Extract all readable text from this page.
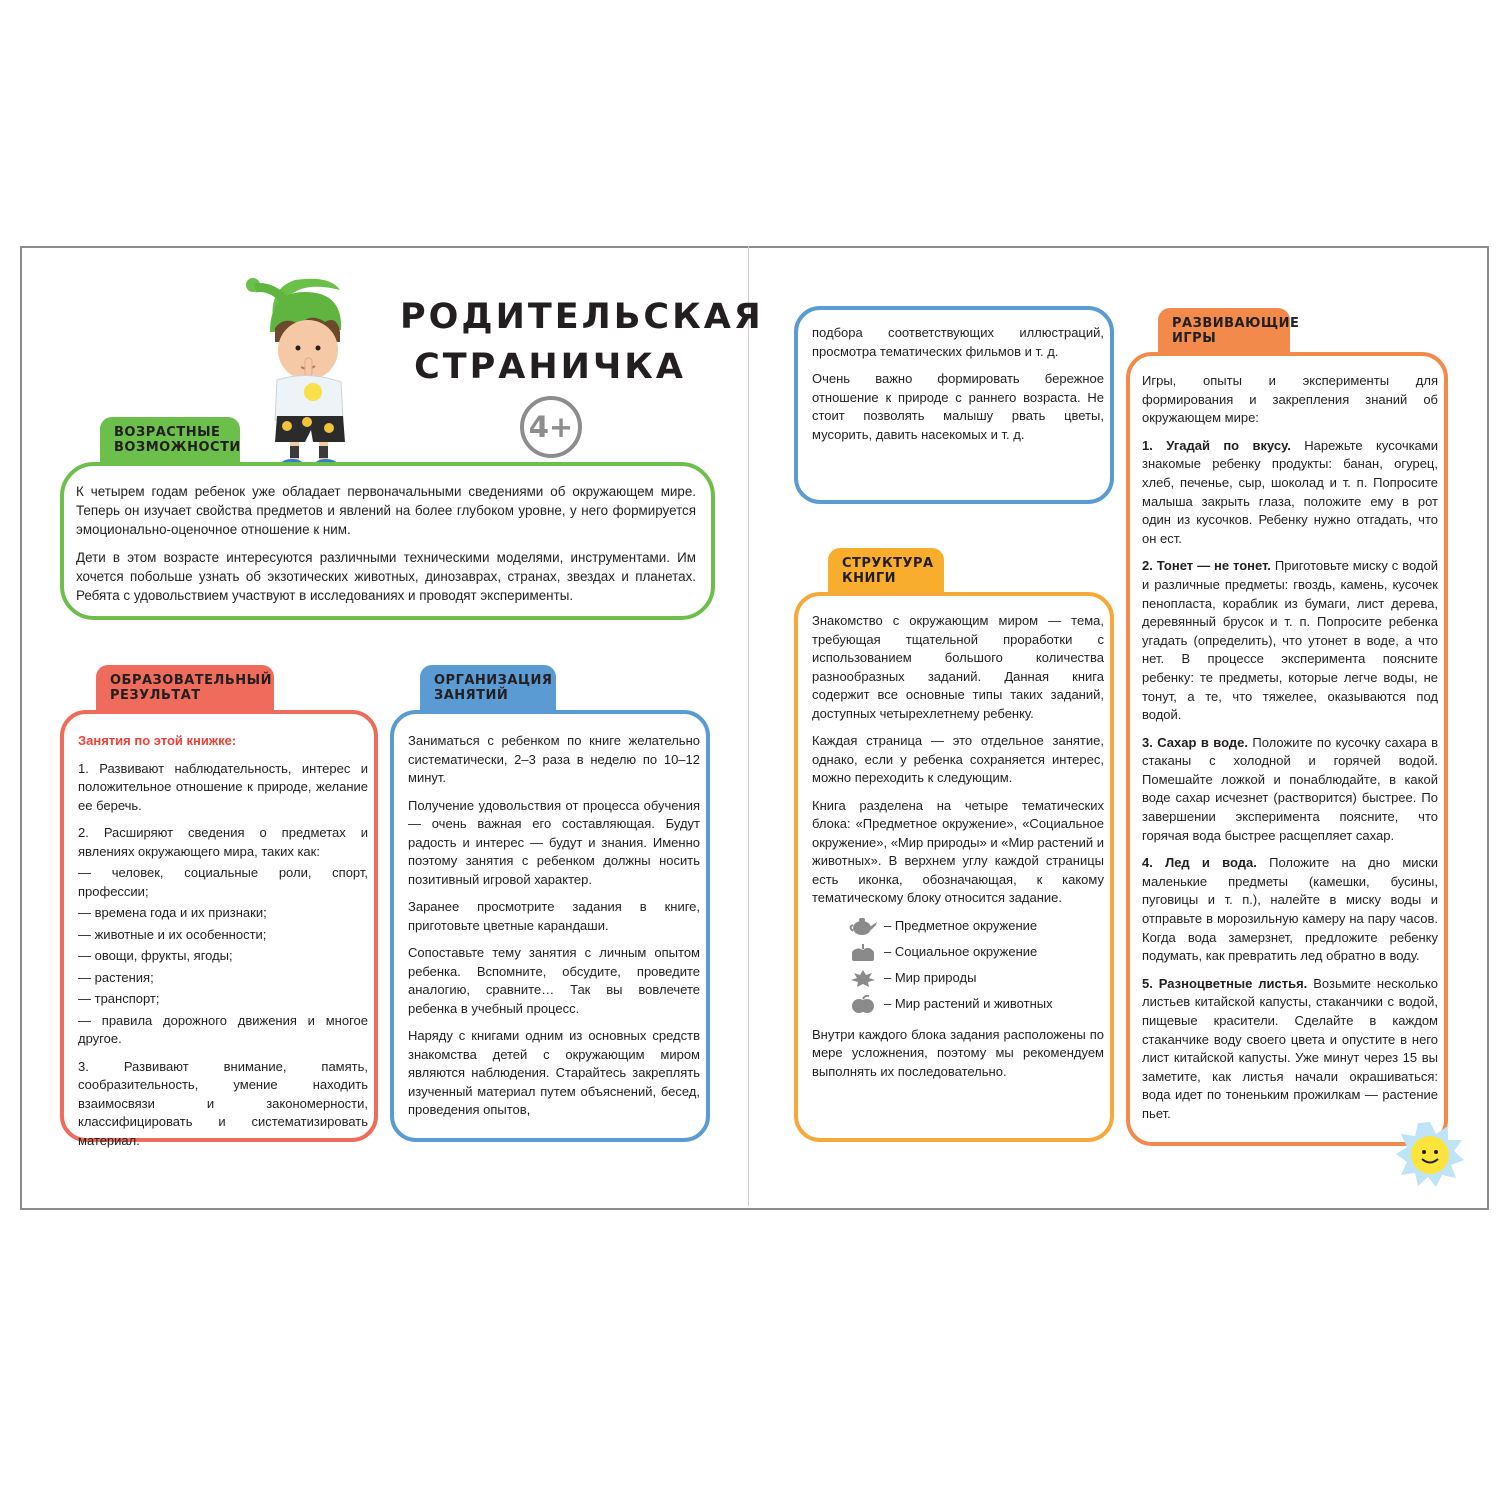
РОДИТЕЛЬСКАЯ
СТРАНИЧКА
4+
ВОЗРАСТНЫЕ
ВОЗМОЖНОСТИ

К четырем годам ребенок уже обладает первоначальными сведениями об окружающем мире. Теперь он изучает свойства предметов и явлений на более глубоком уровне, у него формируется эмоционально-оценочное отношение к ним.

Дети в этом возрасте интересуются различными техническими моделями, инструментами. Им хочется побольше узнать об экзотических животных, динозаврах, странах, звездах и планетах. Ребята с удовольствием участвуют в исследованиях и проводят эксперименты.

ОБРАЗОВАТЕЛЬНЫЙ
РЕЗУЛЬТАТ

Занятия по этой книжке:

1. Развивают наблюдательность, интерес и положительное отношение к природе, желание ее беречь.

2. Расширяют сведения о предметах и явлениях окружающего мира, таких как:

— человек, социальные роли, спорт, профессии;

— времена года и их признаки;

— животные и их особенности;

— овощи, фрукты, ягоды;

— растения;

— транспорт;

— правила дорожного движения и многое другое.

3. Развивают внимание, память, сообразительность, умение находить взаимосвязи и закономерности, классифицировать и систематизировать материал.

ОРГАНИЗАЦИЯ
ЗАНЯТИЙ

Заниматься с ребенком по книге желательно систематически, 2–3 раза в неделю по 10–12 минут.

Получение удовольствия от процесса обучения — очень важная его составляющая. Будут радость и интерес — будут и знания. Именно поэтому занятия с ребенком должны носить позитивный игровой характер.

Заранее просмотрите задания в книге, приготовьте цветные карандаши.

Сопоставьте тему занятия с личным опытом ребенка. Вспомните, обсудите, проведите аналогию, сравните… Так вы вовлечете ребенка в учебный процесс.

Наряду с книгами одним из основных средств знакомства детей с окружающим миром являются наблюдения. Старайтесь закреплять изученный материал путем объяснений, бесед, проведения опытов,

подбора соответствующих иллюстраций, просмотра тематических фильмов и т. д.

Очень важно формировать бережное отношение к природе с раннего возраста. Не стоит позволять малышу рвать цветы, мусорить, давить насекомых и т. д.

СТРУКТУРА
КНИГИ

Знакомство с окружающим миром — тема, требующая тщательной проработки с использованием большого количества разнообразных заданий. Данная книга содержит все основные типы таких заданий, доступных четырехлетнему ребенку.

Каждая страница — это отдельное занятие, однако, если у ребенка сохраняется интерес, можно переходить к следующим.

Книга разделена на четыре тематических блока: «Предметное окружение», «Социальное окружение», «Мир природы» и «Мир растений и животных». В верхнем углу каждой страницы есть иконка, обозначающая, к какому тематическому блоку относится задание.

– Предметное окружение
– Социальное окружение
– Мир природы
– Мир растений и животных

Внутри каждого блока задания расположены по мере усложнения, поэтому мы рекомендуем выполнять их последовательно.

РАЗВИВАЮЩИЕ
ИГРЫ

Игры, опыты и эксперименты для формирования и закрепления знаний об окружающем мире:

1. Угадай по вкусу. Нарежьте кусочками знакомые ребенку продукты: банан, огурец, хлеб, печенье, сыр, шоколад и т. п. Попросите малыша закрыть глаза, положите ему в рот один из кусочков. Ребенку нужно отгадать, что он ест.

2. Тонет — не тонет. Приготовьте миску с водой и различные предметы: гвоздь, камень, кусочек пенопласта, кораблик из бумаги, лист дерева, деревянный брусок и т. п. Попросите ребенка угадать (определить), что утонет в воде, а что нет. В процессе эксперимента поясните ребенку: те предметы, которые легче воды, не тонут, а те, что тяжелее, оказываются под водой.

3. Сахар в воде. Положите по кусочку сахара в стаканы с холодной и горячей водой. Помешайте ложкой и понаблюдайте, в какой воде сахар исчезнет (растворится) быстрее. По завершении эксперимента поясните, что горячая вода быстрее расщепляет сахар.

4. Лед и вода. Положите на дно миски маленькие предметы (камешки, бусины, пуговицы и т. п.), налейте в миску воды и отправьте в морозильную камеру на пару часов. Когда вода замерзнет, предложите ребенку подумать, как превратить лед обратно в воду.

5. Разноцветные листья. Возьмите несколько листьев китайской капусты, стаканчики с водой, пищевые красители. Сделайте в каждом стаканчике воду своего цвета и опустите в него лист китайской капусты. Уже минут через 15 вы заметите, как листья начали окрашиваться: вода идет по тоненьким прожилкам — растение пьет.
